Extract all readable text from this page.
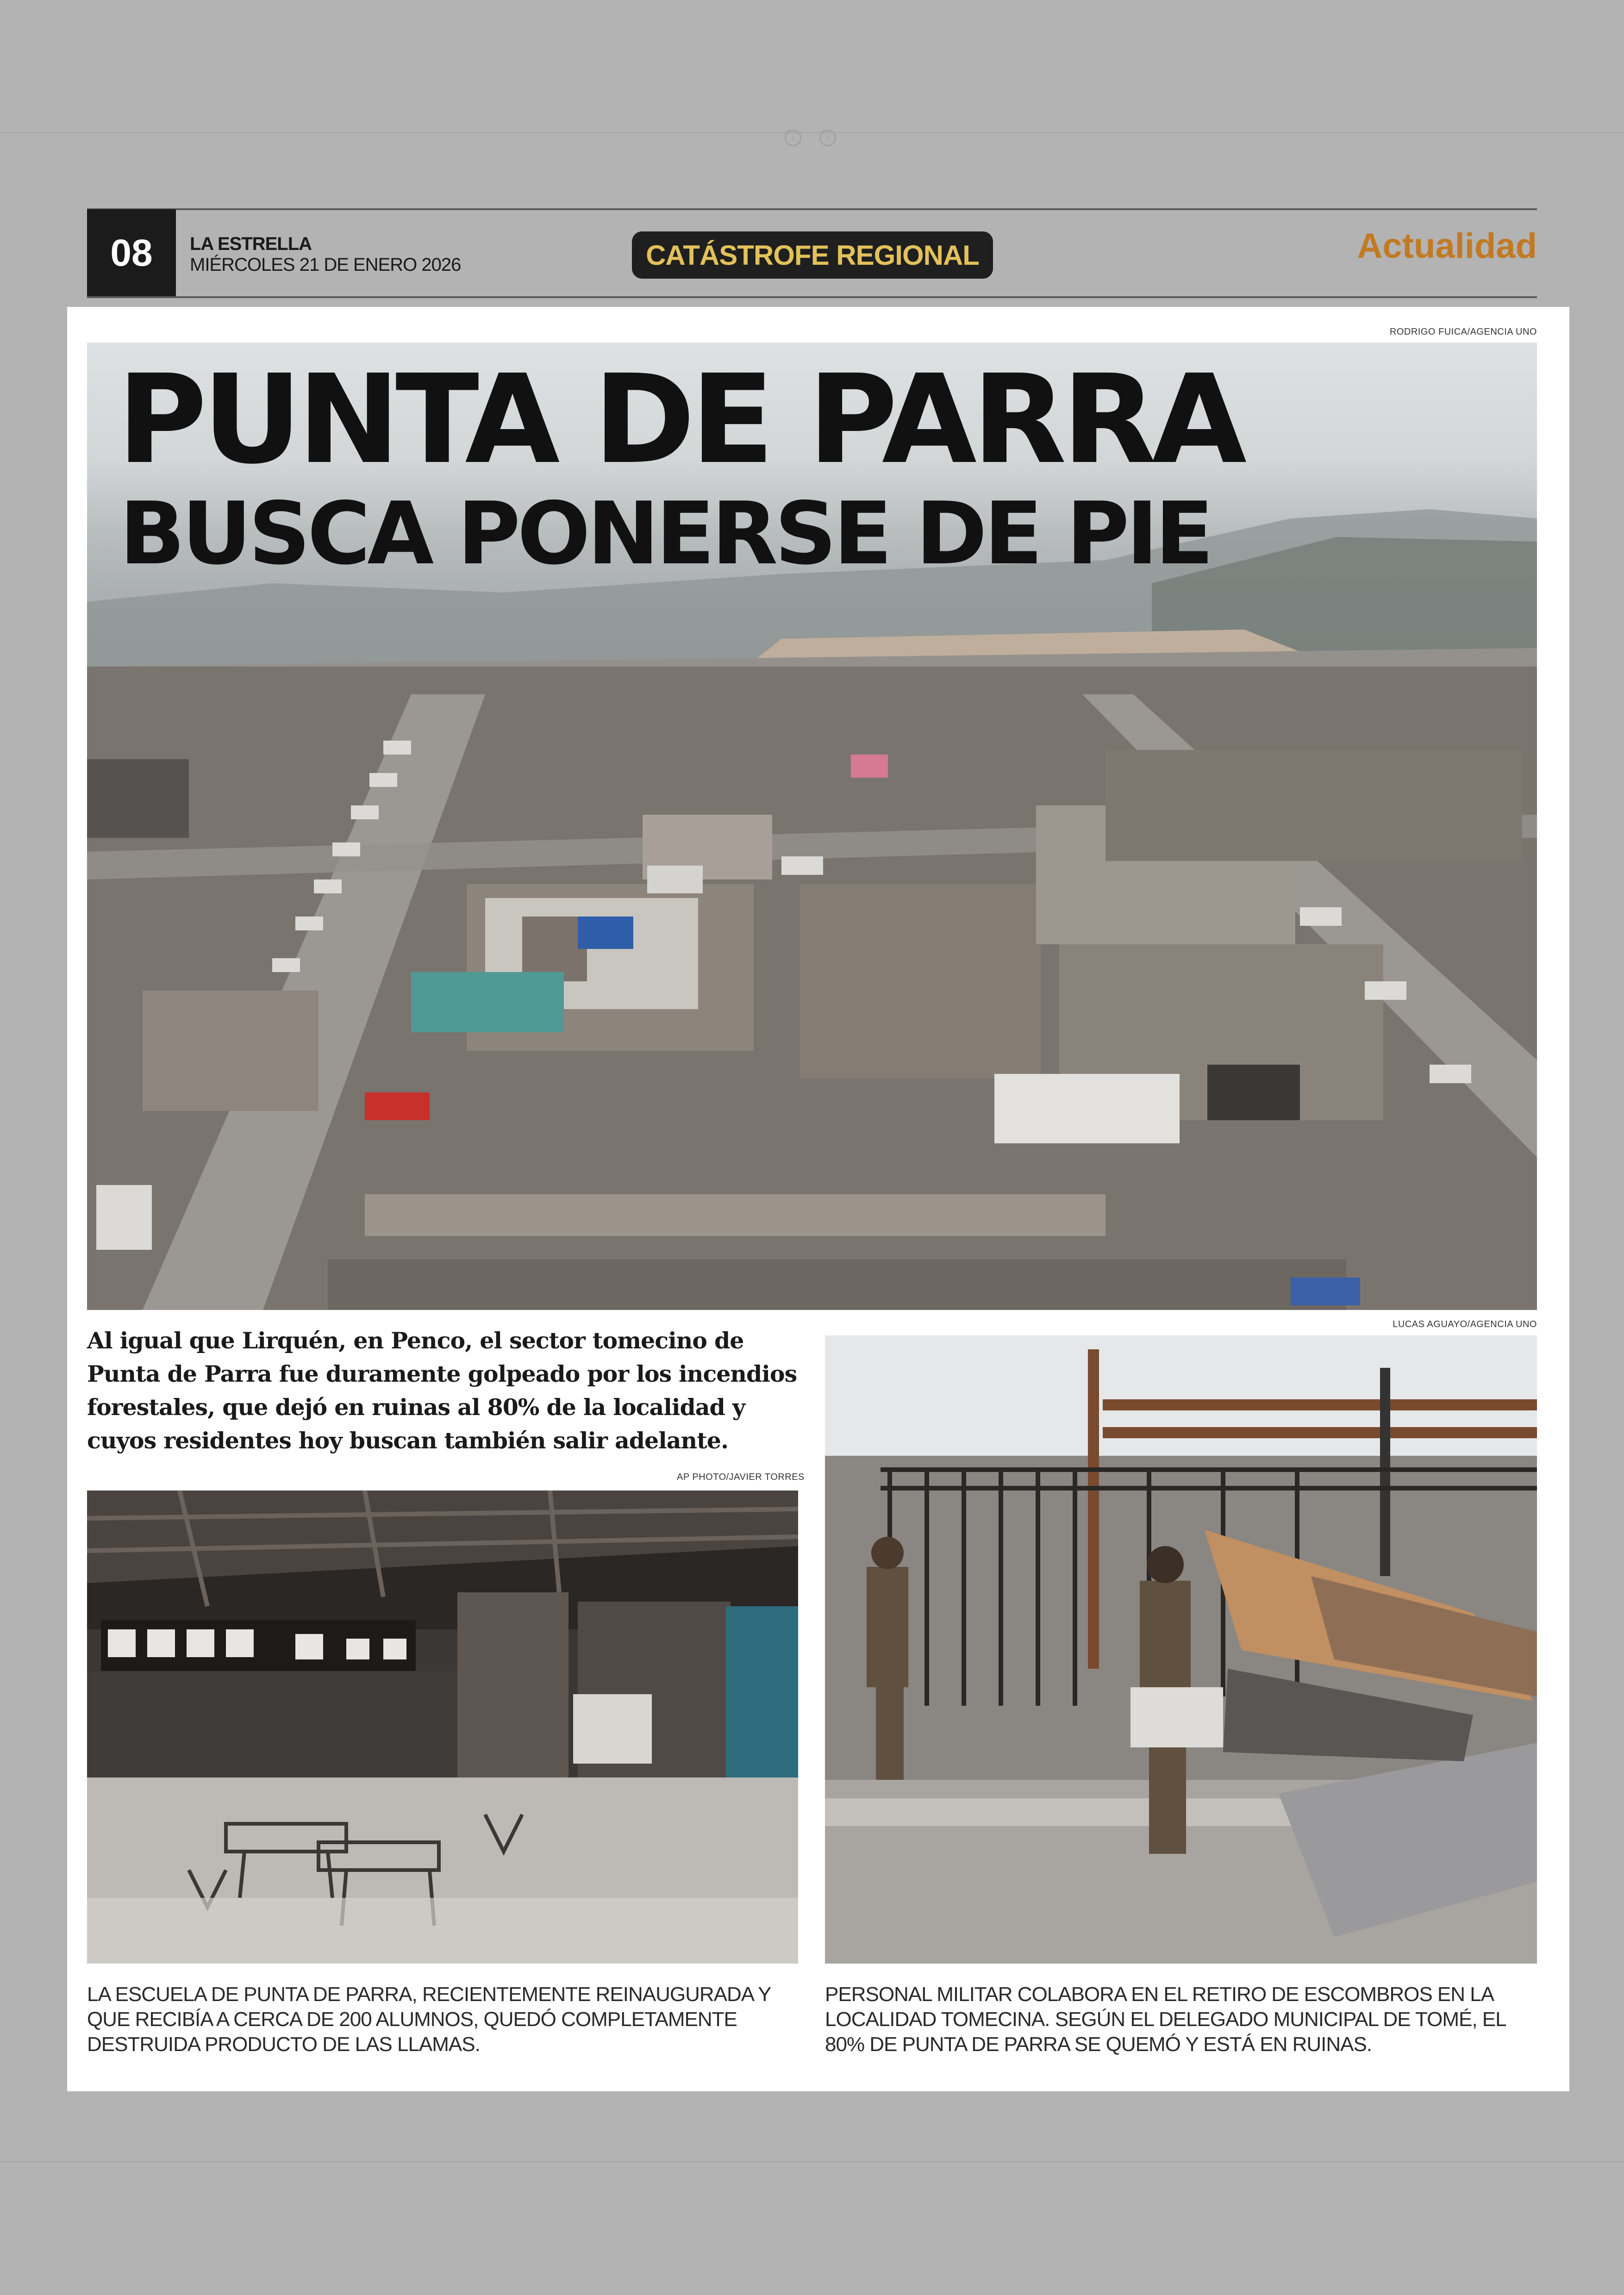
‹	›
08	LA ESTRELLA
MIÉRCOLES 21 DE ENERO 2026	CATÁSTROFE REGIONAL	Actualidad
RODRIGO FUICA/AGENCIA UNO
PUNTA DE PARRA
BUSCA PONERSE DE PIE
Al igual que Lirquén, en Penco, el sector tomecino de
Punta de Parra fue duramente golpeado por los incendios
forestales, que dejó en ruinas al 80% de la localidad y
cuyos residentes hoy buscan también salir adelante.
AP PHOTO/JAVIER TORRES
LUCAS AGUAYO/AGENCIA UNO
LA ESCUELA DE PUNTA DE PARRA, RECIENTEMENTE REINAUGURADA Y
QUE RECIBÍA A CERCA DE 200 ALUMNOS, QUEDÓ COMPLETAMENTE
DESTRUIDA PRODUCTO DE LAS LLAMAS.
PERSONAL MILITAR COLABORA EN EL RETIRO DE ESCOMBROS EN LA
LOCALIDAD TOMECINA. SEGÚN EL DELEGADO MUNICIPAL DE TOMÉ, EL
80% DE PUNTA DE PARRA SE QUEMÓ Y ESTÁ EN RUINAS.
